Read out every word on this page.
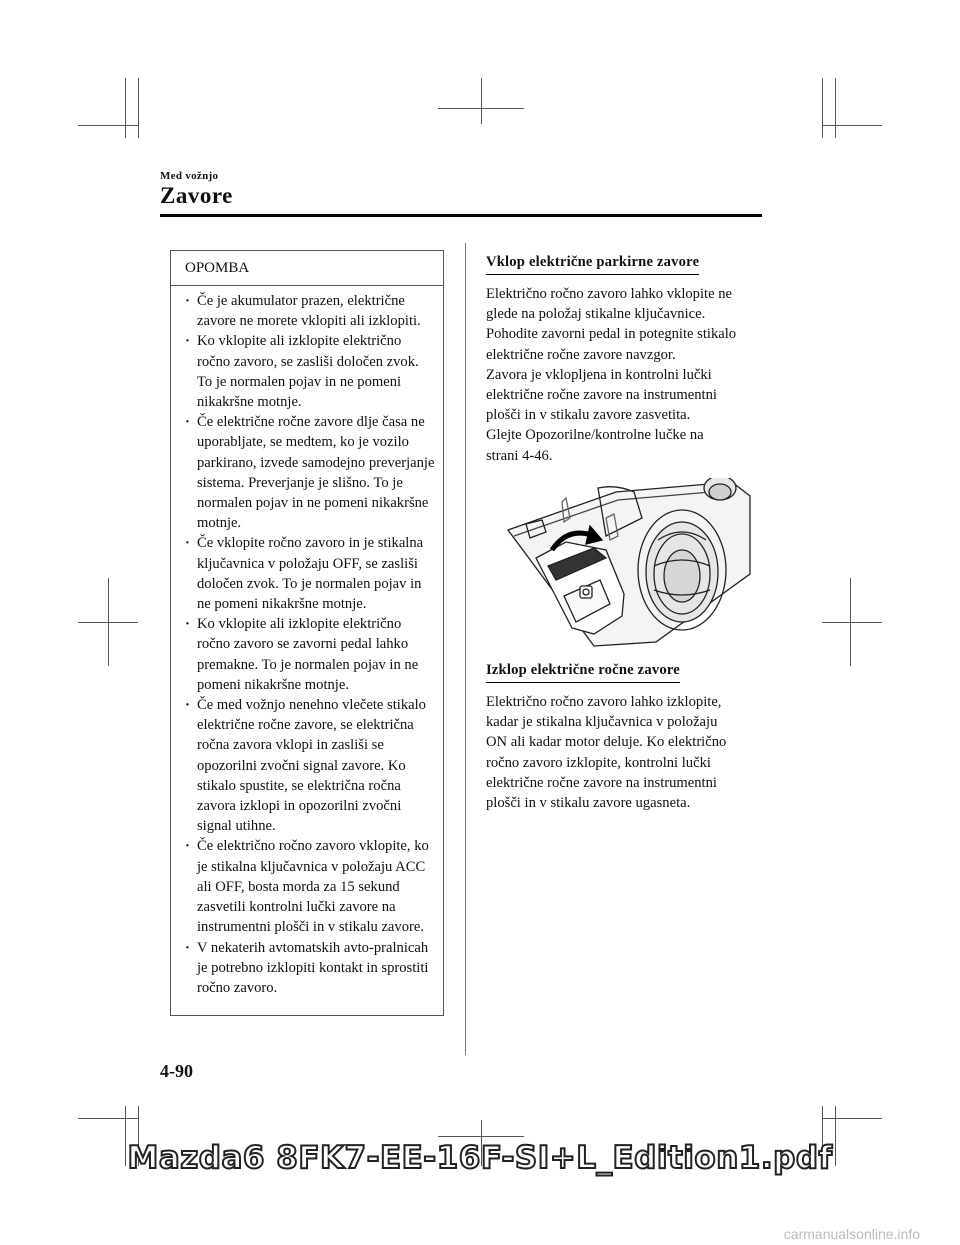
Med vožnjo
Zavore
OPOMBA
· Če je akumulator prazen, električne zavore ne morete vklopiti ali izklopiti.
· Ko vklopite ali izklopite električno ročno zavoro, se zasliši določen zvok. To je normalen pojav in ne pomeni nikakršne motnje.
· Če električne ročne zavore dlje časa ne uporabljate, se medtem, ko je vozilo parkirano, izvede samodejno preverjanje sistema. Preverjanje je slišno. To je normalen pojav in ne pomeni nikakršne motnje.
· Če vklopite ročno zavoro in je stikalna ključavnica v položaju OFF, se zasliši določen zvok. To je normalen pojav in ne pomeni nikakršne motnje.
· Ko vklopite ali izklopite električno ročno zavoro se zavorni pedal lahko premakne. To je normalen pojav in ne pomeni nikakršne motnje.
· Če med vožnjo nenehno vlečete stikalo električne ročne zavore, se električna ročna zavora vklopi in zasliši se opozorilni zvočni signal zavore. Ko stikalo spustite, se električna ročna zavora izklopi in opozorilni zvočni signal utihne.
· Če električno ročno zavoro vklopite, ko je stikalna ključavnica v položaju ACC ali OFF, bosta morda za 15 sekund zasvetili kontrolni lučki zavore na instrumentni plošči in v stikalu zavore.
· V nekaterih avtomatskih avto-pralnicah je potrebno izklopiti kontakt in sprostiti ročno zavoro.
Vklop električne parkirne zavore
Električno ročno zavoro lahko vklopite ne
glede na položaj stikalne ključavnice.
Pohodite zavorni pedal in potegnite stikalo
električne ročne zavore navzgor.
Zavora je vklopljena in kontrolni lučki
električne ročne zavore na instrumentni
plošči in v stikalu zavore zasvetita.
Glejte Opozorilne/kontrolne lučke na
strani 4-46.
Izklop električne ročne zavore
Električno ročno zavoro lahko izklopite,
kadar je stikalna ključavnica v položaju
ON ali kadar motor deluje. Ko električno
ročno zavoro izklopite, kontrolni lučki
električne ročne zavore na instrumentni
plošči in v stikalu zavore ugasneta.
4-90
Mazda6 8FK7-EE-16F-SI+L_Edition1.pdf
carmanualsonline.info
